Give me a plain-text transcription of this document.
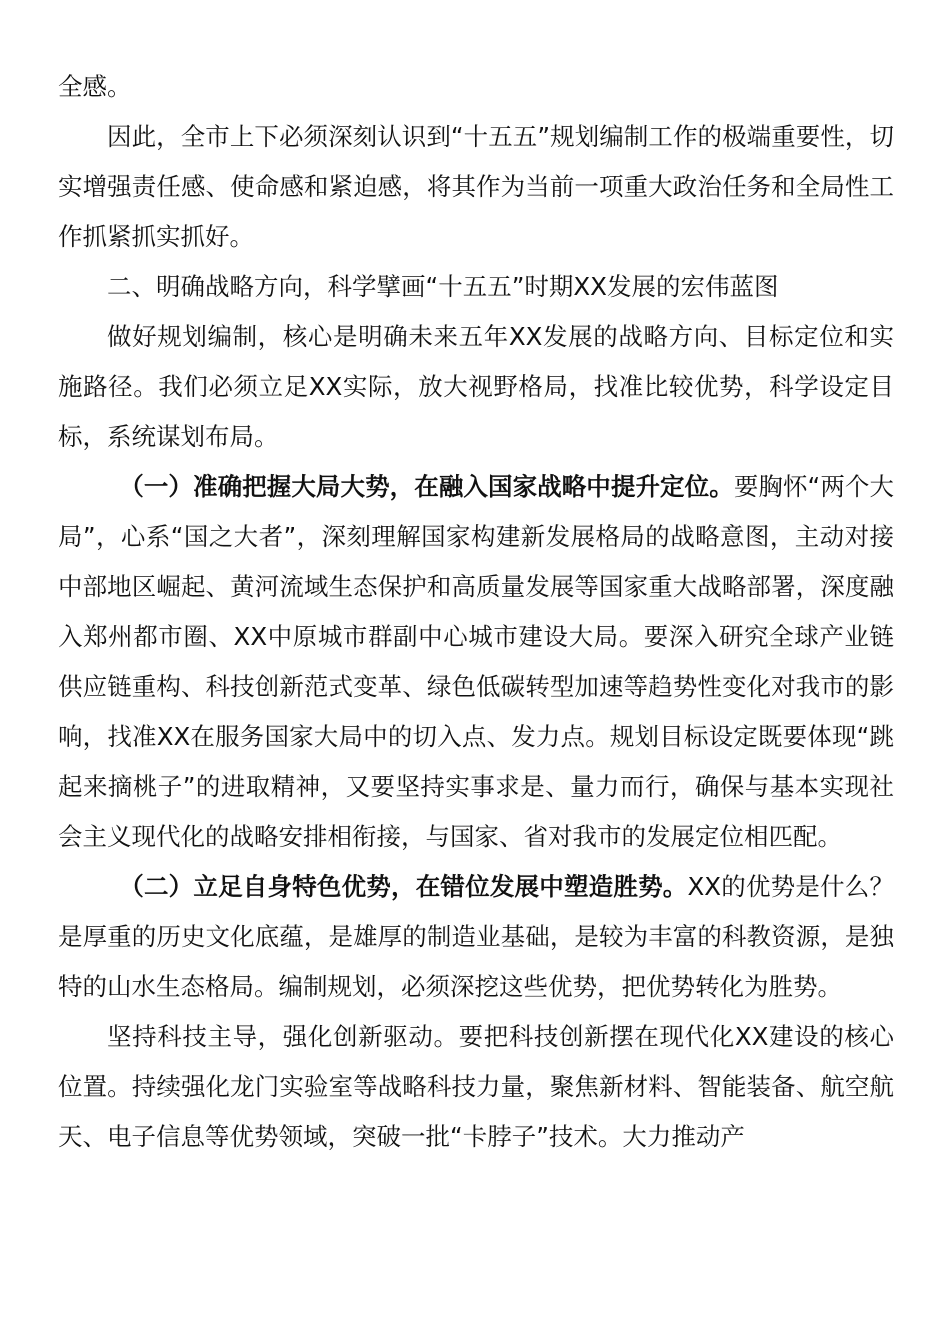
全感。

因此，全市上下必须深刻认识到“十五五”规划编制工作的极端重要性，切实增强责任感、使命感和紧迫感，将其作为当前一项重大政治任务和全局性工作抓紧抓实抓好。

二、明确战略方向，科学擘画“十五五”时期XX发展的宏伟蓝图

做好规划编制，核心是明确未来五年XX发展的战略方向、目标定位和实施路径。我们必须立足XX实际，放大视野格局，找准比较优势，科学设定目标，系统谋划布局。

（一）准确把握大局大势，在融入国家战略中提升定位。要胸怀“两个大局”，心系“国之大者”，深刻理解国家构建新发展格局的战略意图，主动对接中部地区崛起、黄河流域生态保护和高质量发展等国家重大战略部署，深度融入郑州都市圈、XX中原城市群副中心城市建设大局。要深入研究全球产业链供应链重构、科技创新范式变革、绿色低碳转型加速等趋势性变化对我市的影响，找准XX在服务国家大局中的切入点、发力点。规划目标设定既要体现“跳起来摘桃子”的进取精神，又要坚持实事求是、量力而行，确保与基本实现社会主义现代化的战略安排相衔接，与国家、省对我市的发展定位相匹配。

（二）立足自身特色优势，在错位发展中塑造胜势。XX的优势是什么？是厚重的历史文化底蕴，是雄厚的制造业基础，是较为丰富的科教资源，是独特的山水生态格局。编制规划，必须深挖这些优势，把优势转化为胜势。

坚持科技主导，强化创新驱动。要把科技创新摆在现代化XX建设的核心位置。持续强化龙门实验室等战略科技力量，聚焦新材料、智能装备、航空航天、电子信息等优势领域，突破一批“卡脖子”技术。大力推动产
